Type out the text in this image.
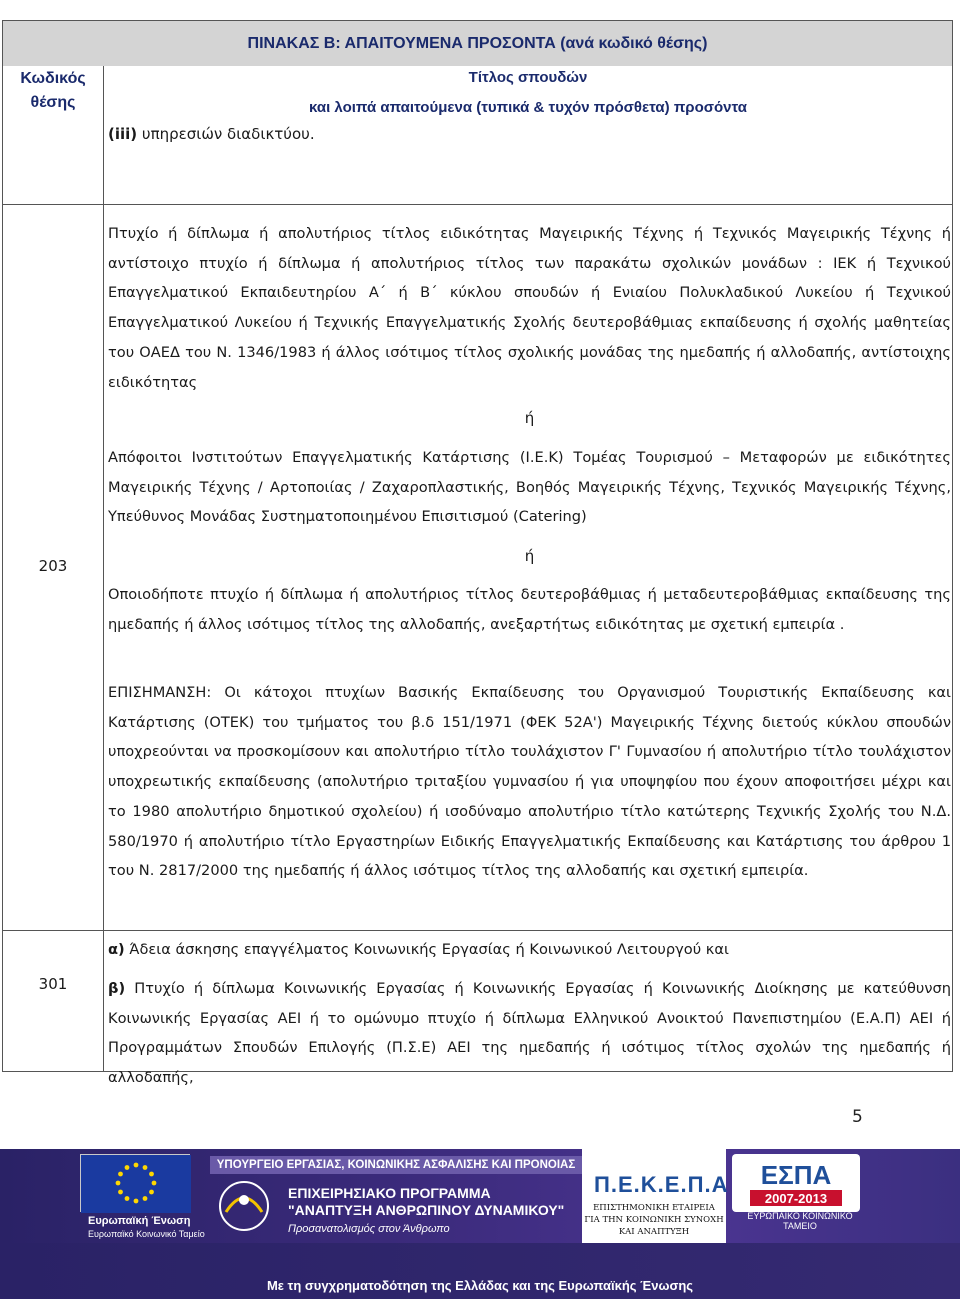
ΠΙΝΑΚΑΣ Β: ΑΠΑΙΤΟΥΜΕΝΑ ΠΡΟΣΟΝΤΑ (ανά κωδικό θέσης)
Κωδικός
θέσης
Τίτλος σπουδών
και λοιπά απαιτούμενα (τυπικά & τυχόν πρόσθετα) προσόντα
(iii) υπηρεσιών διαδικτύου.
203
Πτυχίο ή δίπλωμα ή απολυτήριος τίτλος ειδικότητας Μαγειρικής Τέχνης ή Τεχνικός Μαγειρικής Τέχνης ή αντίστοιχο πτυχίο ή δίπλωμα ή απολυτήριος τίτλος των παρακάτω σχολικών μονάδων : ΙΕΚ ή Τεχνικού Επαγγελματικού Εκπαιδευτηρίου Α΄ ή Β΄ κύκλου σπουδών ή Ενιαίου Πολυκλαδικού Λυκείου ή Τεχνικού Επαγγελματικού Λυκείου ή Τεχνικής Επαγγελματικής Σχολής δευτεροβάθμιας εκπαίδευσης ή σχολής μαθητείας του ΟΑΕΔ του Ν. 1346/1983 ή άλλος ισότιμος τίτλος σχολικής μονάδας της ημεδαπής ή αλλοδαπής, αντίστοιχης ειδικότητας
ή
Απόφοιτοι Ινστιτούτων Επαγγελματικής Κατάρτισης (Ι.Ε.Κ) Τομέας Τουρισμού – Μεταφορών με ειδικότητες Μαγειρικής Τέχνης / Αρτοποιίας / Ζαχαροπλαστικής, Βοηθός Μαγειρικής Τέχνης, Τεχνικός Μαγειρικής Τέχνης, Υπεύθυνος Μονάδας Συστηματοποιημένου Επισιτισμού (Catering)
ή
Οποιοδήποτε πτυχίο ή δίπλωμα ή απολυτήριος τίτλος δευτεροβάθμιας ή μεταδευτεροβάθμιας εκπαίδευσης της ημεδαπής ή άλλος ισότιμος τίτλος της αλλοδαπής, ανεξαρτήτως ειδικότητας με σχετική εμπειρία .
ΕΠΙΣΗΜΑΝΣΗ: Οι κάτοχοι πτυχίων Βασικής Εκπαίδευσης του Οργανισμού Τουριστικής Εκπαίδευσης και Κατάρτισης (ΟΤΕΚ) του τμήματος του β.δ 151/1971 (ΦΕΚ 52Α') Μαγειρικής Τέχνης διετούς κύκλου σπουδών υποχρεούνται να προσκομίσουν και απολυτήριο τίτλο τουλάχιστον Γ' Γυμνασίου ή απολυτήριο τίτλο τουλάχιστον υποχρεωτικής εκπαίδευσης (απολυτήριο τριταξίου γυμνασίου ή για υποψηφίου που έχουν αποφοιτήσει μέχρι και το 1980 απολυτήριο δημοτικού σχολείου) ή ισοδύναμο απολυτήριο τίτλο κατώτερης Τεχνικής Σχολής του Ν.Δ. 580/1970 ή απολυτήριο τίτλο Εργαστηρίων Ειδικής Επαγγελματικής Εκπαίδευσης και Κατάρτισης του άρθρου 1 του Ν. 2817/2000 της ημεδαπής ή άλλος ισότιμος τίτλος της αλλοδαπής και σχετική εμπειρία.
301
α) Άδεια άσκησης επαγγέλματος Κοινωνικής Εργασίας ή Κοινωνικού Λειτουργού και
β) Πτυχίο ή δίπλωμα Κοινωνικής Εργασίας ή Κοινωνικής Εργασίας ή Κοινωνικής Διοίκησης με κατεύθυνση Κοινωνικής Εργασίας ΑΕΙ ή το ομώνυμο πτυχίο ή δίπλωμα Ελληνικού Ανοικτού Πανεπιστημίου (Ε.Α.Π) ΑΕΙ ή Προγραμμάτων Σπουδών Επιλογής (Π.Σ.Ε) ΑΕΙ της ημεδαπής ή ισότιμος τίτλος σχολών της ημεδαπής ή αλλοδαπής,
5
Ευρωπαϊκή Ένωση
Ευρωπαϊκό Κοινωνικό Ταμείο
ΥΠΟΥΡΓΕΙΟ ΕΡΓΑΣΙΑΣ, ΚΟΙΝΩΝΙΚΗΣ ΑΣΦΑΛΙΣΗΣ ΚΑΙ ΠΡΟΝΟΙΑΣ
ΕΠΙΧΕΙΡΗΣΙΑΚΟ ΠΡΟΓΡΑΜΜΑ
"ΑΝΑΠΤΥΞΗ ΑΝΘΡΩΠΙΝΟΥ ΔΥΝΑΜΙΚΟΥ"
Προσανατολισμός στον Άνθρωπο
Π.Ε.Κ.Ε.Π.Α
ΕΠΙΣΤΗΜΟΝΙΚΗ ΕΤΑΙΡΕΙΑ
ΓΙΑ ΤΗΝ ΚΟΙΝΩΝΙΚΗ ΣΥΝΟΧΗ
ΚΑΙ ΑΝΑΠΤΥΞΗ
ΕΣΠΑ
2007-2013
ΕΥΡΩΠΑΪΚΟ ΚΟΙΝΩΝΙΚΟ ΤΑΜΕΙΟ
Με τη συγχρηματοδότηση της Ελλάδας και της Ευρωπαϊκής Ένωσης
